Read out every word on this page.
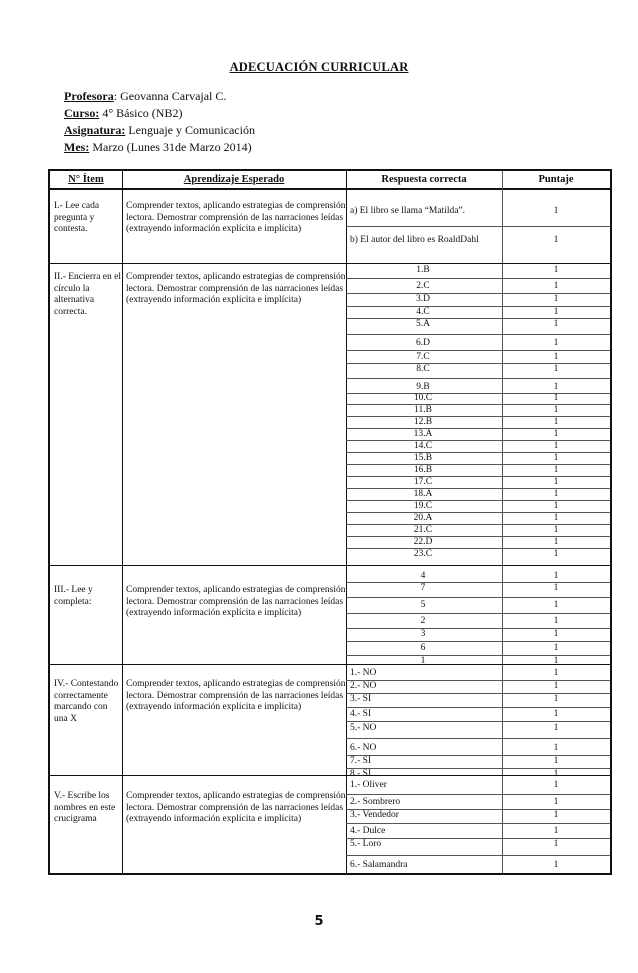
ADECUACIÓN CURRICULAR
Profesora: Geovanna Carvajal C.
Curso: 4° Básico (NB2)
Asignatura: Lenguaje y Comunicación
Mes: Marzo (Lunes 31de Marzo 2014)
N° Ítem	Aprendizaje Esperado	Respuesta correcta	Puntaje
I.- Lee cada pregunta y contesta.
Comprender textos, aplicando estrategias de comprensión lectora. Demostrar comprensión de las narraciones leídas (extrayendo información explícita e implícita)
a) El libro se llama “Matilda”.	1
b) El autor del libro es RoaldDahl	1
II.- Encierra en el círculo la alternativa correcta.
Comprender textos, aplicando estrategias de comprensión lectora. Demostrar comprensión de las narraciones leídas (extrayendo información explícita e implícita)
1.B	1
2.C	1
3.D	1
4.C	1
5.A	1
6.D	1
7.C	1
8.C	1
9.B	1
10.C	1
11.B	1
12.B	1
13.A	1
14.C	1
15.B	1
16.B	1
17.C	1
18.A	1
19.C	1
20.A	1
21.C	1
22.D	1
23.C	1
III.- Lee y completa:
Comprender textos, aplicando estrategias de comprensión lectora. Demostrar comprensión de las narraciones leídas (extrayendo información explícita e implícita)
4	1
7	1
5	1
2	1
3	1
6	1
1	1
IV.- Contestando correctamente marcando con una X
Comprender textos, aplicando estrategias de comprensión lectora. Demostrar comprensión de las narraciones leídas (extrayendo información explícita e implícita)
1.- NO	1
2.- NO	1
3.- SI	1
4.- SI	1
5.- NO	1
6.- NO	1
7.- SI	1
8.- SI	1
V.- Escribe los nombres en este crucigrama
Comprender textos, aplicando estrategias de comprensión lectora. Demostrar comprensión de las narraciones leídas (extrayendo información explícita e implícita)
1.- Oliver	1
2.- Sombrero	1
3.- Vendedor	1
4.- Dulce	1
5.- Loro	1
6.- Salamandra	1
5
